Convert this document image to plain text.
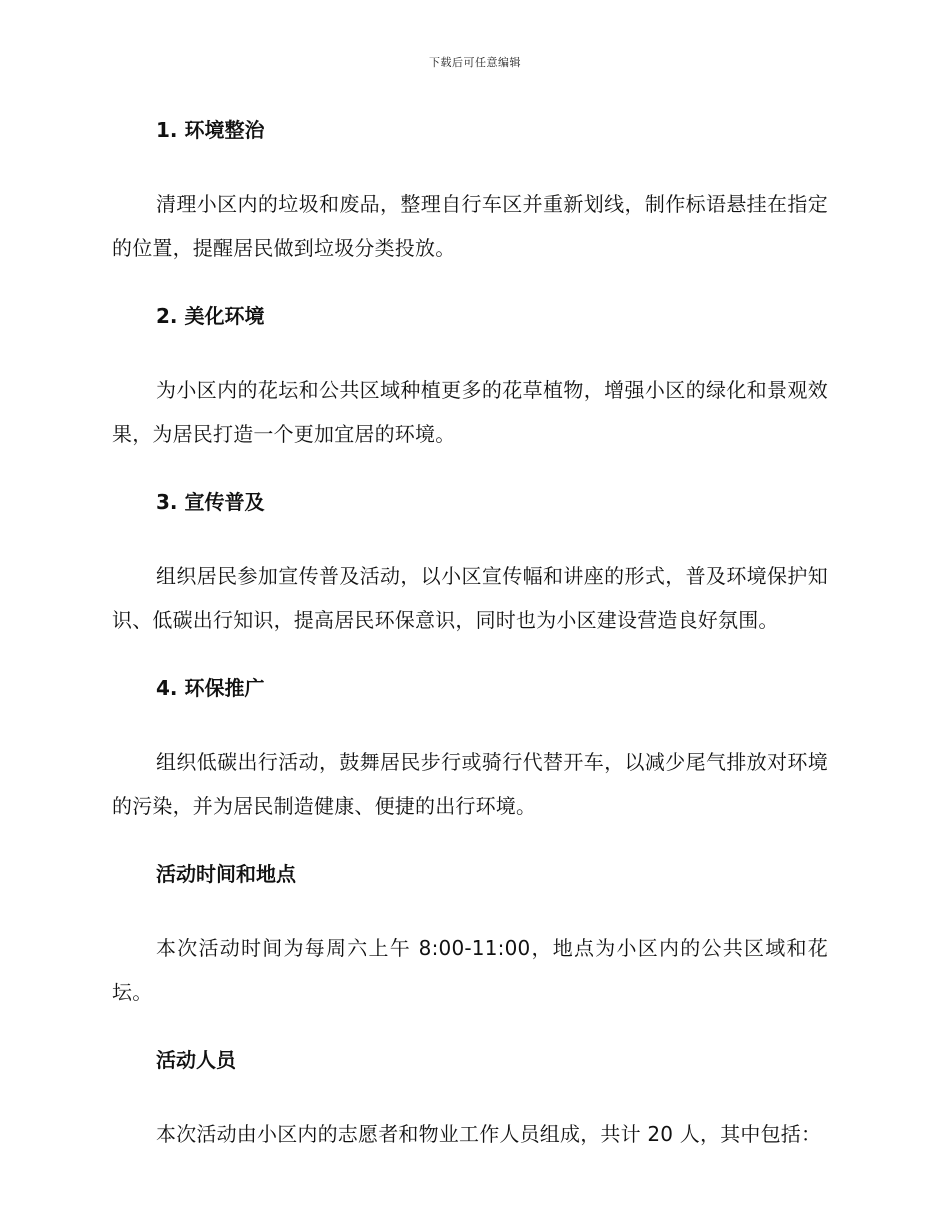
下载后可任意编辑
1. 环境整治

清理小区内的垃圾和废品，整理自行车区并重新划线，制作标语悬挂在指定的位置，提醒居民做到垃圾分类投放。

2. 美化环境

为小区内的花坛和公共区域种植更多的花草植物，增强小区的绿化和景观效果，为居民打造一个更加宜居的环境。

3. 宣传普及

组织居民参加宣传普及活动，以小区宣传幅和讲座的形式，普及环境保护知识、低碳出行知识，提高居民环保意识，同时也为小区建设营造良好氛围。

4. 环保推广

组织低碳出行活动，鼓舞居民步行或骑行代替开车，以减少尾气排放对环境的污染，并为居民制造健康、便捷的出行环境。

活动时间和地点

本次活动时间为每周六上午 8:00-11:00，地点为小区内的公共区域和花坛。

活动人员

本次活动由小区内的志愿者和物业工作人员组成，共计 20 人，其中包括：
